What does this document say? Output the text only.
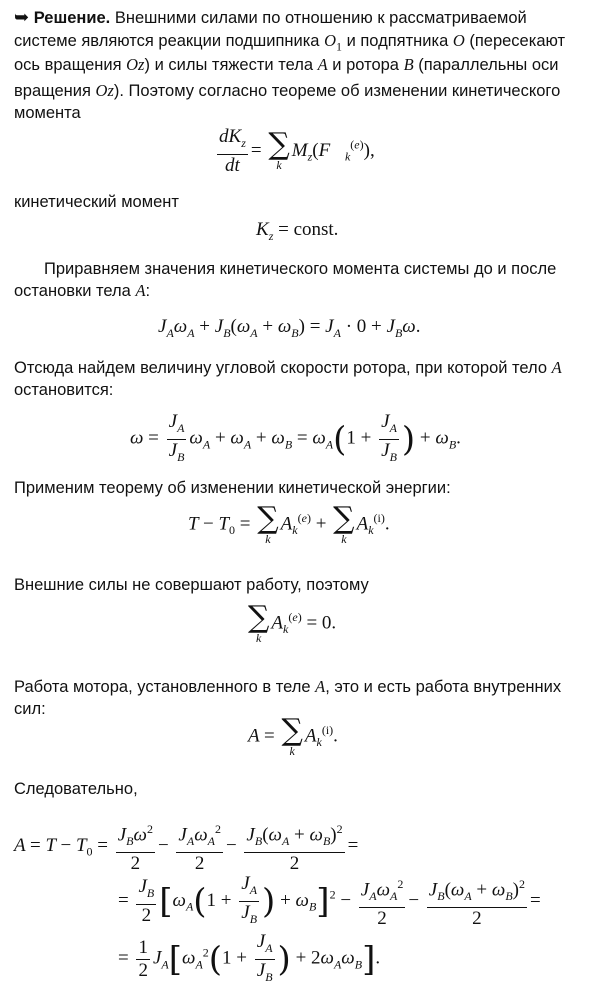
➥ Решение. Внешними силами по отношению к рассматриваемой
системе являются реакции подшипника $O_1$ и подпятника O (пересекают
ось вращения Oz) и силы тяжести тела A и ротора B (параллельны оси
вращения Oz). Поэтому согласно теореме об изменении кинетического
момента
$\frac{dK_z}{dt}$ = ∑
k
$M_z(F⃗_k^{(e)})$,
кинетический момент
$K_z$ = const.
Приравняем значения кинетического момента системы до и после
остановки тела A:
$J_A\omega_A + J_B(\omega_A + \omega_B) = J_A \cdot 0 + J_B\omega$.
Отсюда найдем величину угловой скорости ротора, при которой тело A
остановится:
$\omega = \frac{J_A}{J_B} \omega_A + \omega_A + \omega_B = \omega_A(1 + \frac{J_A}{J_B}$ ) + $\omega_B$.
Применим теорему об изменении кинетической энергии:
$T - T_0$ = ∑
k
$A_k^{(e)}$ + ∑
k
$A_k^{(i)}$.
Внешние силы не совершают работу, поэтому
∑
k
$A_k^{(e)} = 0$.
Работа мотора, установленного в теле A, это и есть работа внутренних
сил:
A = ∑
k
$A_k^{(i)}$.
Следовательно,
$A = T - T_0 = \frac{J_B\omega^2}{2} - \frac{J_A\omega_A^2}{2} - \frac{J_B(\omega_A + \omega_B)^2}{2}$ =
= $\frac{J_B}{2} [\omega_A(1 + \frac{J_A}{J_B}$ ) + $\omega_B]^2 - \frac{J_A\omega_A^2}{2} - \frac{J_B(\omega_A + \omega_B)^2}{2}$ =
= $\frac{1}{2} J_A[\omega_A^2(1 + \frac{J_A}{J_B}$ ) + $2\omega_A\omega_B$].
